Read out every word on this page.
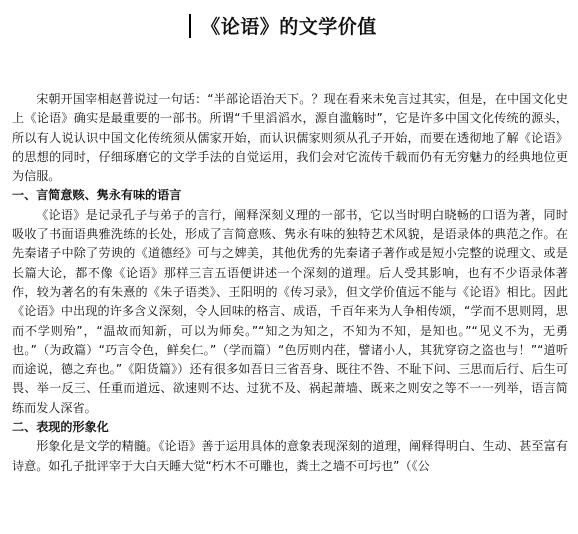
《论语》的文学价值

宋朝开国宰相赵普说过一句话：“半部论语治天下。？现在看来未免言过其实，但是，在中国文化史上《论语》确实是最重要的一部书。所谓“千里滔滔水，源自滥觞时”，它是许多中国文化传统的源头，所以有人说认识中国文化传统须从儒家开始，而认识儒家则须从孔子开始，而要在透彻地了解《论语》的思想的同时，仔细琢磨它的文学手法的自觉运用，我们会对它流传千载而仍有无穷魅力的经典地位更为信服。

一、言简意赅、隽永有味的语言

《论语》是记录孔子与弟子的言行，阐释深刻义理的一部书，它以当时明白晓畅的口语为著，同时吸收了书面语典雅洗练的长处，形成了言简意赅、隽永有味的独特艺术风貌，是语录体的典范之作。在先秦诸子中除了劳谀的《道德经》可与之婢美，其他优秀的先秦诸子著作或是短小完整的说理文、或是长篇大论，都不像《论语》那样三言五语便讲述一个深刻的道理。后人受其影响，也有不少语录体著作，较为著名的有朱熹的《朱子语类》、王阳明的《传习录》，但文学价值远不能与《论语》相比。因此《论语》中出现的许多含义深刻，令人回味的格言、成语，千百年来为人争相传颂，“学而不思则罔，思而不学则殆”，“温故而知新，可以为师矣。”“知之为知之，不知为不知，是知也。”“见义不为，无勇也。”（为政篇）“巧言令色，鲜矣仁。”（学而篇）“色厉则内荏，譬诸小人，其犹穿窃之盗也与！”“道听而途说，德之弃也。”《阳货篇》）还有很多如吾日三省吾身、既往不咎、不耻下问、三思而后行、后生可畏、举一反三、任重而道远、欲速则不达、过犹不及、祸起萧墙、既来之则安之等不一一列举，语言简练而发人深省。

二、表现的形象化

形象化是文学的精髓。《论语》善于运用具体的意象表现深刻的道理，阐释得明白、生动、甚至富有诗意。如孔子批评宰于大白天睡大觉“朽木不可雕也，粪土之墙不可圬也”（《公
